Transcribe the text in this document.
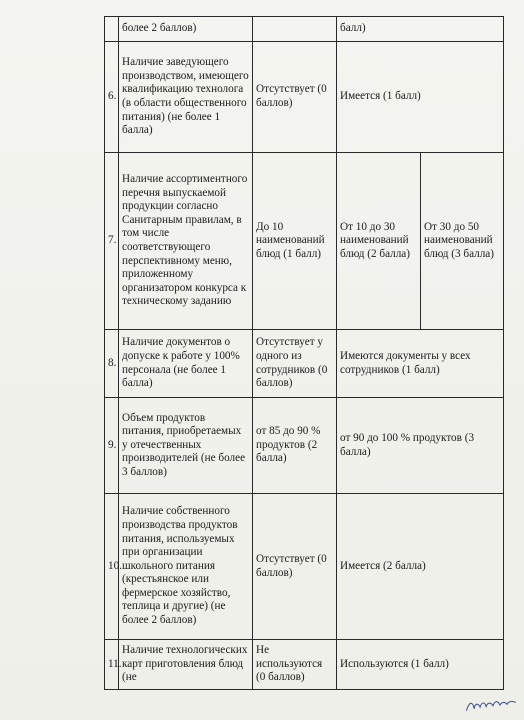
	более 2 баллов)		балл)	
6.	Наличие заведующего производством, имеющего квалификацию технолога (в области общественного питания) (не более 1 балла)	Отсутствует (0 баллов)	Имеется (1 балл)	
7.	Наличие ассортиментного перечня выпускаемой продукции согласно Санитарным правилам, в том числе соответствующего перспективному меню, приложенному организатором конкурса к техническому заданию	До 10 наименований блюд (1 балл)	От 10 до 30 наименований блюд (2 балла)	От 30 до 50 наименований блюд (3 балла)
8.	Наличие документов о допуске к работе у 100% персонала (не более 1 балла)	Отсутствует у одного из сотрудников (0 баллов)	Имеются документы у всех сотрудников (1 балл)	
9.	Объем продуктов питания, приобретаемых у отечественных производителей (не более 3 баллов)	от 85 до 90 % продуктов (2 балла)	от 90 до 100 % продуктов (3 балла)	
10.	Наличие собственного производства продуктов питания, используемых при организации школьного питания (крестьянское или фермерское хозяйство, теплица и другие) (не более 2 баллов)	Отсутствует (0 баллов)	Имеется (2 балла)	
11.	Наличие технологических карт приготовления блюд (не	Не используются (0 баллов)	Используются (1 балл)	
